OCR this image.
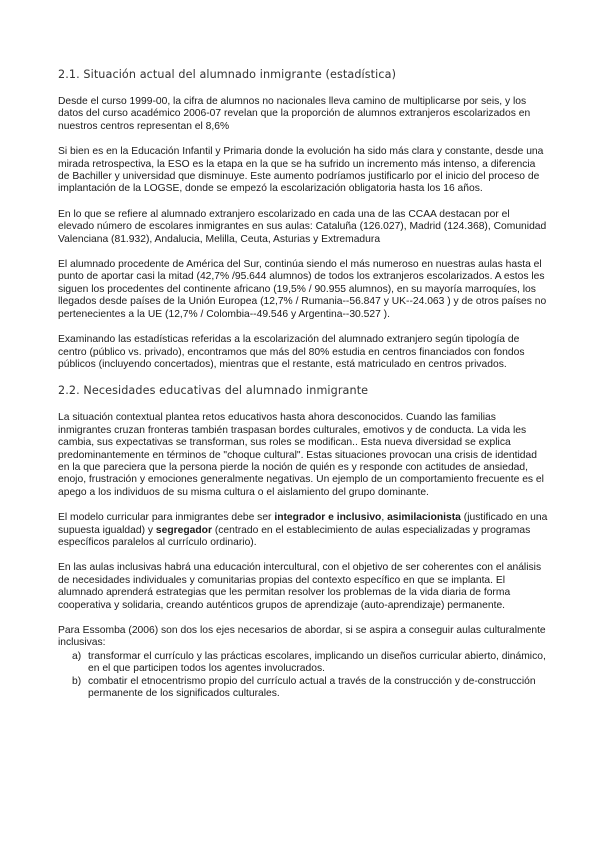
2.1. Situación actual del alumnado inmigrante (estadística)

Desde el curso 1999-00, la cifra de alumnos no nacionales lleva camino de multiplicarse por seis, y los datos del curso académico 2006-07 revelan que la proporción de alumnos extranjeros escolarizados en nuestros centros representan el 8,6%

Si bien es en la Educación Infantil y Primaria donde la evolución ha sido más clara y constante, desde una mirada retrospectiva, la ESO es la etapa en la que se ha sufrido un incremento más intenso, a diferencia de Bachiller y universidad que disminuye. Este aumento podríamos justificarlo por el inicio del proceso de implantación de la LOGSE, donde se empezó la escolarización obligatoria hasta los 16 años.

En lo que se refiere al alumnado extranjero escolarizado en cada una de las CCAA destacan por el elevado número de escolares inmigrantes en sus aulas: Cataluña (126.027), Madrid (124.368), Comunidad Valenciana (81.932), Andalucia, Melilla, Ceuta, Asturias y Extremadura

El alumnado procedente de América del Sur, continúa siendo el más numeroso en nuestras aulas hasta el punto de aportar casi la mitad (42,7% /95.644 alumnos) de todos los extranjeros escolarizados. A estos les siguen los procedentes del continente africano (19,5% / 90.955 alumnos), en su mayoría marroquíes, los llegados desde países de la Unión Europea (12,7% / Rumania--56.847 y UK--24.063 ) y de otros países no pertenecientes a la UE (12,7% / Colombia--49.546 y Argentina--30.527 ).

Examinando las estadísticas referidas a la escolarización del alumnado extranjero según tipología de centro (público vs. privado), encontramos que más del 80% estudia en centros financiados con fondos públicos (incluyendo concertados), mientras que el restante, está matriculado en centros privados.

2.2. Necesidades educativas del alumnado inmigrante

La situación contextual plantea retos educativos hasta ahora desconocidos. Cuando las familias inmigrantes cruzan fronteras también traspasan bordes culturales, emotivos y de conducta. La vida les cambia, sus expectativas se transforman, sus roles se modifican.. Esta nueva diversidad se explica predominantemente en términos de "choque cultural". Estas situaciones provocan una crisis de identidad en la que pareciera que la persona pierde la noción de quién es y responde con actitudes de ansiedad, enojo, frustración y emociones generalmente negativas. Un ejemplo de un comportamiento frecuente es el apego a los individuos de su misma cultura o el aislamiento del grupo dominante.

El modelo curricular para inmigrantes debe ser integrador e inclusivo, asimilacionista (justificado en una supuesta igualdad) y segregador (centrado en el establecimiento de aulas especializadas y programas específicos paralelos al currículo ordinario).

En las aulas inclusivas habrá una educación intercultural, con el objetivo de ser coherentes con el análisis de necesidades individuales y comunitarias propias del contexto específico en que se implanta. El alumnado aprenderá estrategias que les permitan resolver los problemas de la vida diaria de forma cooperativa y solidaria, creando auténticos grupos de aprendizaje (auto-aprendizaje) permanente.

Para Essomba (2006) son dos los ejes necesarios de abordar, si se aspira a conseguir aulas culturalmente inclusivas:

a) transformar el currículo y las prácticas escolares, implicando un diseños curricular abierto, dinámico, en el que participen todos los agentes involucrados.
b) combatir el etnocentrismo propio del currículo actual a través de la construcción y de-construcción permanente de los significados culturales.
